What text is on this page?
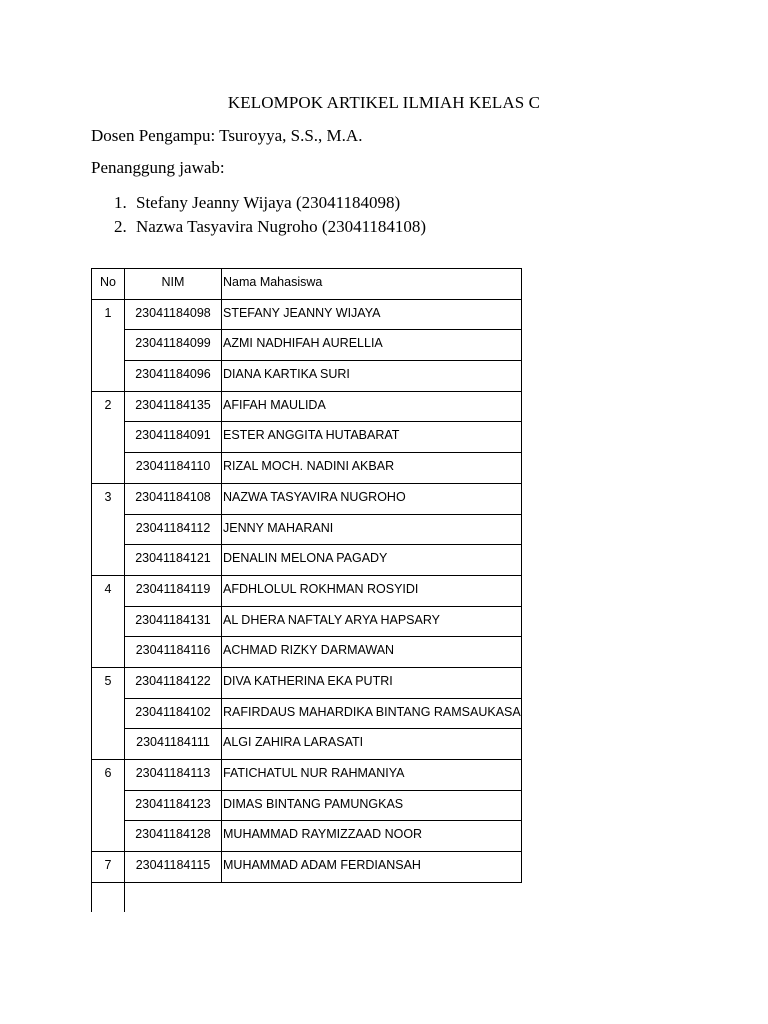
KELOMPOK ARTIKEL ILMIAH KELAS C
Dosen Pengampu: Tsuroyya, S.S., M.A.
Penanggung jawab:
1. Stefany Jeanny Wijaya (23041184098)
2. Nazwa Tasyavira Nugroho (23041184108)
No	NIM	Nama Mahasiswa
1	23041184098	STEFANY JEANNY WIJAYA
	23041184099	AZMI NADHIFAH AURELLIA
	23041184096	DIANA KARTIKA SURI
2	23041184135	AFIFAH MAULIDA
	23041184091	ESTER ANGGITA HUTABARAT
	23041184110	RIZAL MOCH. NADINI AKBAR
3	23041184108	NAZWA TASYAVIRA NUGROHO
	23041184112	JENNY MAHARANI
	23041184121	DENALIN MELONA PAGADY
4	23041184119	AFDHLOLUL ROKHMAN ROSYIDI
	23041184131	AL DHERA NAFTALY ARYA HAPSARY
	23041184116	ACHMAD RIZKY DARMAWAN
5	23041184122	DIVA KATHERINA EKA PUTRI
	23041184102	RAFIRDAUS MAHARDIKA BINTANG RAMSAUKASA
	23041184111	ALGI ZAHIRA LARASATI
6	23041184113	FATICHATUL NUR RAHMANIYA
	23041184123	DIMAS BINTANG PAMUNGKAS
	23041184128	MUHAMMAD RAYMIZZAAD NOOR
7	23041184115	MUHAMMAD ADAM FERDIANSAH
